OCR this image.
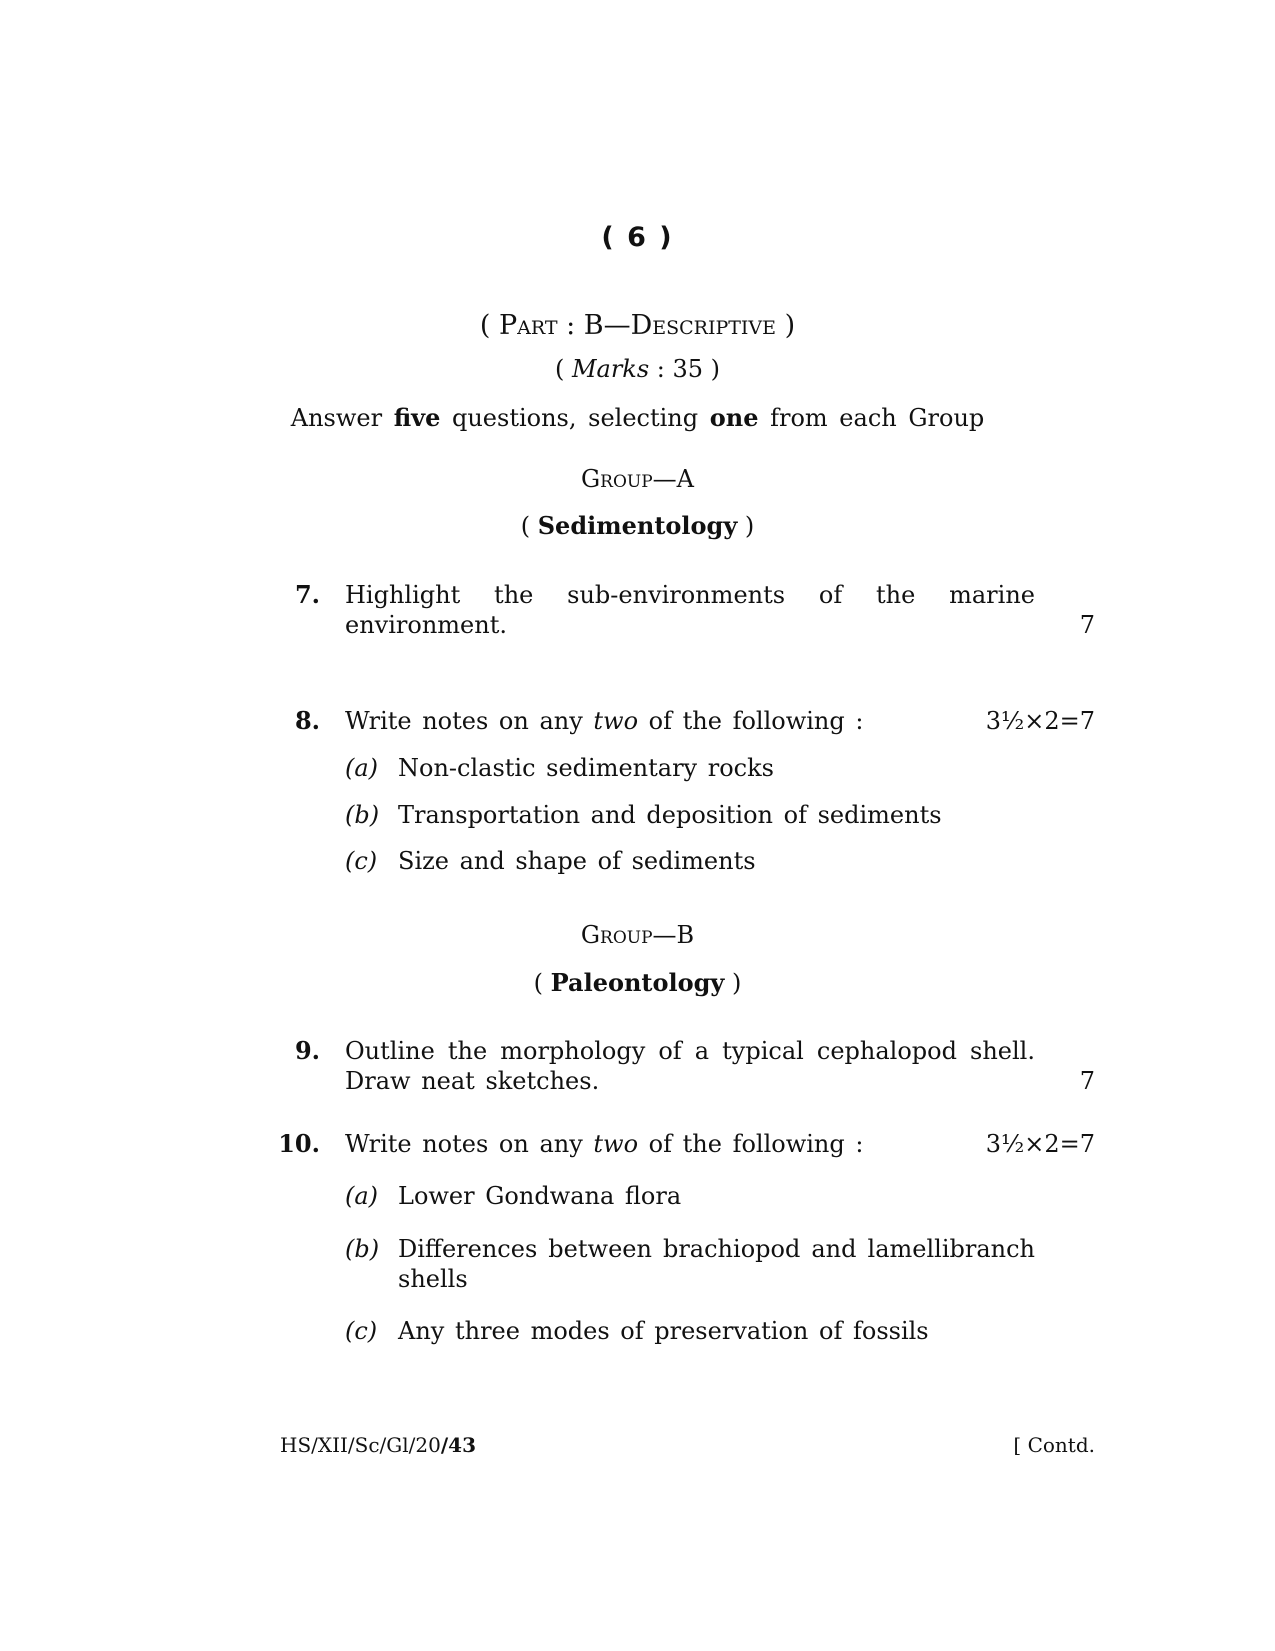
( 6 )
( Part : B—Descriptive )
( Marks : 35 )
Answer five questions, selecting one from each Group
Group—A
( Sedimentology )
7. Highlight the sub-environments of the marine
environment.	7
8. Write notes on any two of the following :	3½×2=7
(a) Non-clastic sedimentary rocks
(b) Transportation and deposition of sediments
(c) Size and shape of sediments
Group—B
( Paleontology )
9. Outline the morphology of a typical cephalopod shell.
Draw neat sketches.	7
10. Write notes on any two of the following :	3½×2=7
(a) Lower Gondwana flora
(b) Differences between brachiopod and lamellibranch
shells
(c) Any three modes of preservation of fossils
HS/XII/Sc/Gl/20/43	[ Contd.
